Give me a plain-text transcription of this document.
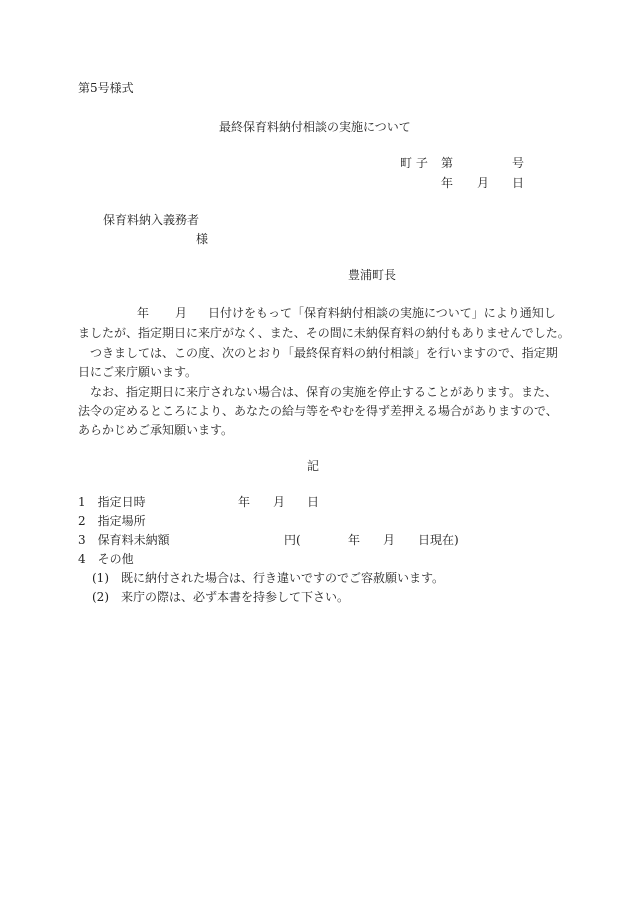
第5号様式
最終保育料納付相談の実施について
町 子 第	号
年 月 日
保育料納入義務者
様
豊浦町長
年 月 日付けをもって「保育料納付相談の実施について」により通知し
ましたが、指定期日に来庁がなく、また、その間に未納保育料の納付もありませんでした。
　つきましては、この度、次のとおり「最終保育料の納付相談」を行いますので、指定期
日にご来庁願います。
　なお、指定期日に来庁されない場合は、保育の実施を停止することがあります。また、
法令の定めるところにより、あなたの給与等をやむを得ず差押える場合がありますので、
あらかじめご承知願います。
記
1　指定日時	年 月 日
2　指定場所
3　保育料未納額	円(	年 月 日現在)
4　その他
(1)　既に納付された場合は、行き違いですのでご容赦願います。
(2)　来庁の際は、必ず本書を持参して下さい。
